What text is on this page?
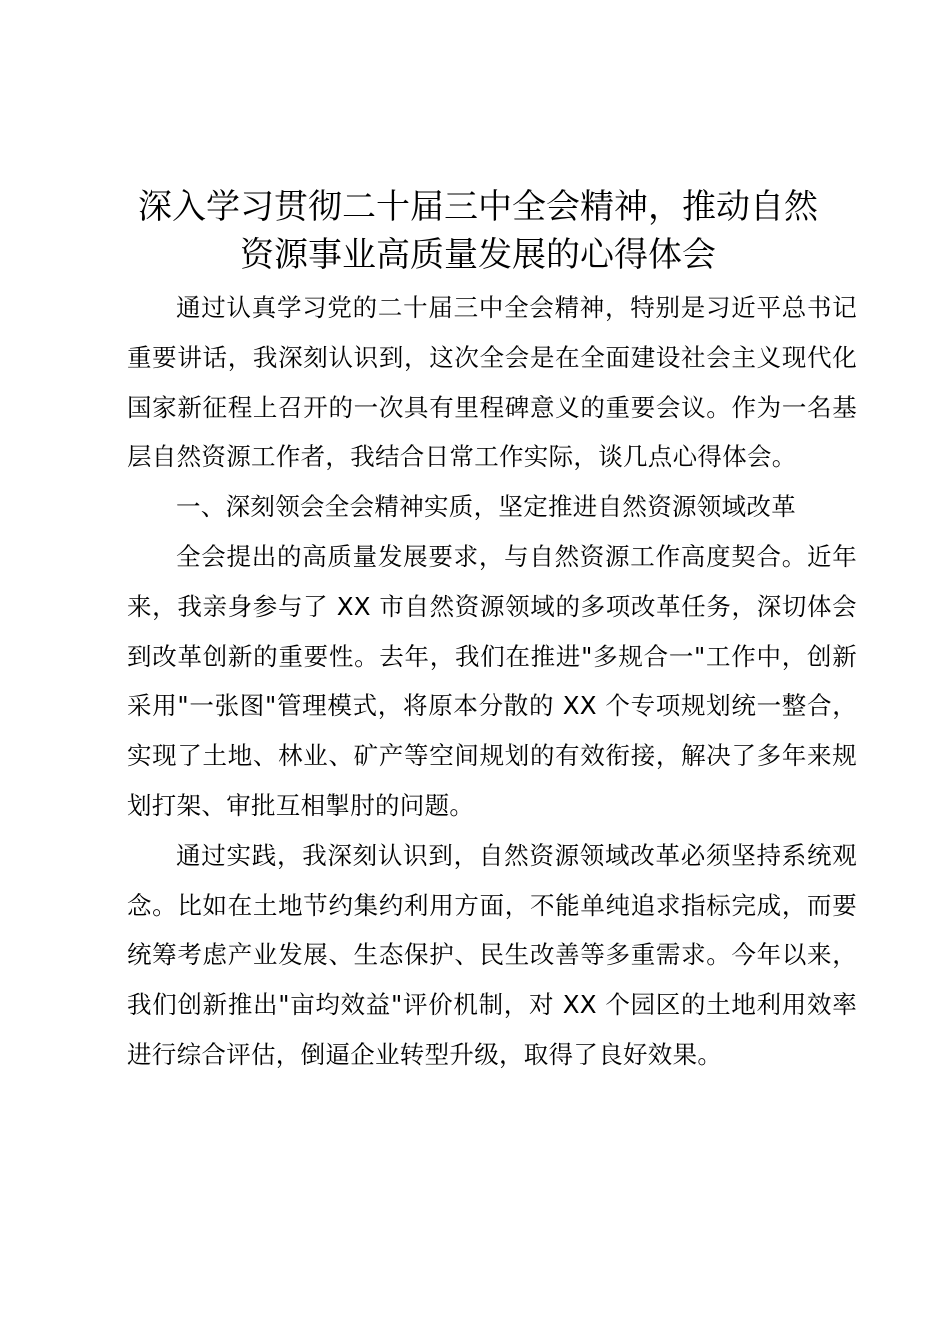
深入学习贯彻二十届三中全会精神，推动自然
资源事业高质量发展的心得体会

通过认真学习党的二十届三中全会精神，特别是习近平总书记重要讲话，我深刻认识到，这次全会是在全面建设社会主义现代化国家新征程上召开的一次具有里程碑意义的重要会议。作为一名基层自然资源工作者，我结合日常工作实际，谈几点心得体会。

一、深刻领会全会精神实质，坚定推进自然资源领域改革

全会提出的高质量发展要求，与自然资源工作高度契合。近年来，我亲身参与了 XX 市自然资源领域的多项改革任务，深切体会到改革创新的重要性。去年，我们在推进"多规合一"工作中，创新采用"一张图"管理模式，将原本分散的 XX 个专项规划统一整合，实现了土地、林业、矿产等空间规划的有效衔接，解决了多年来规划打架、审批互相掣肘的问题。

通过实践，我深刻认识到，自然资源领域改革必须坚持系统观念。比如在土地节约集约利用方面，不能单纯追求指标完成，而要统筹考虑产业发展、生态保护、民生改善等多重需求。今年以来，我们创新推出"亩均效益"评价机制，对 XX 个园区的土地利用效率进行综合评估，倒逼企业转型升级，取得了良好效果。
